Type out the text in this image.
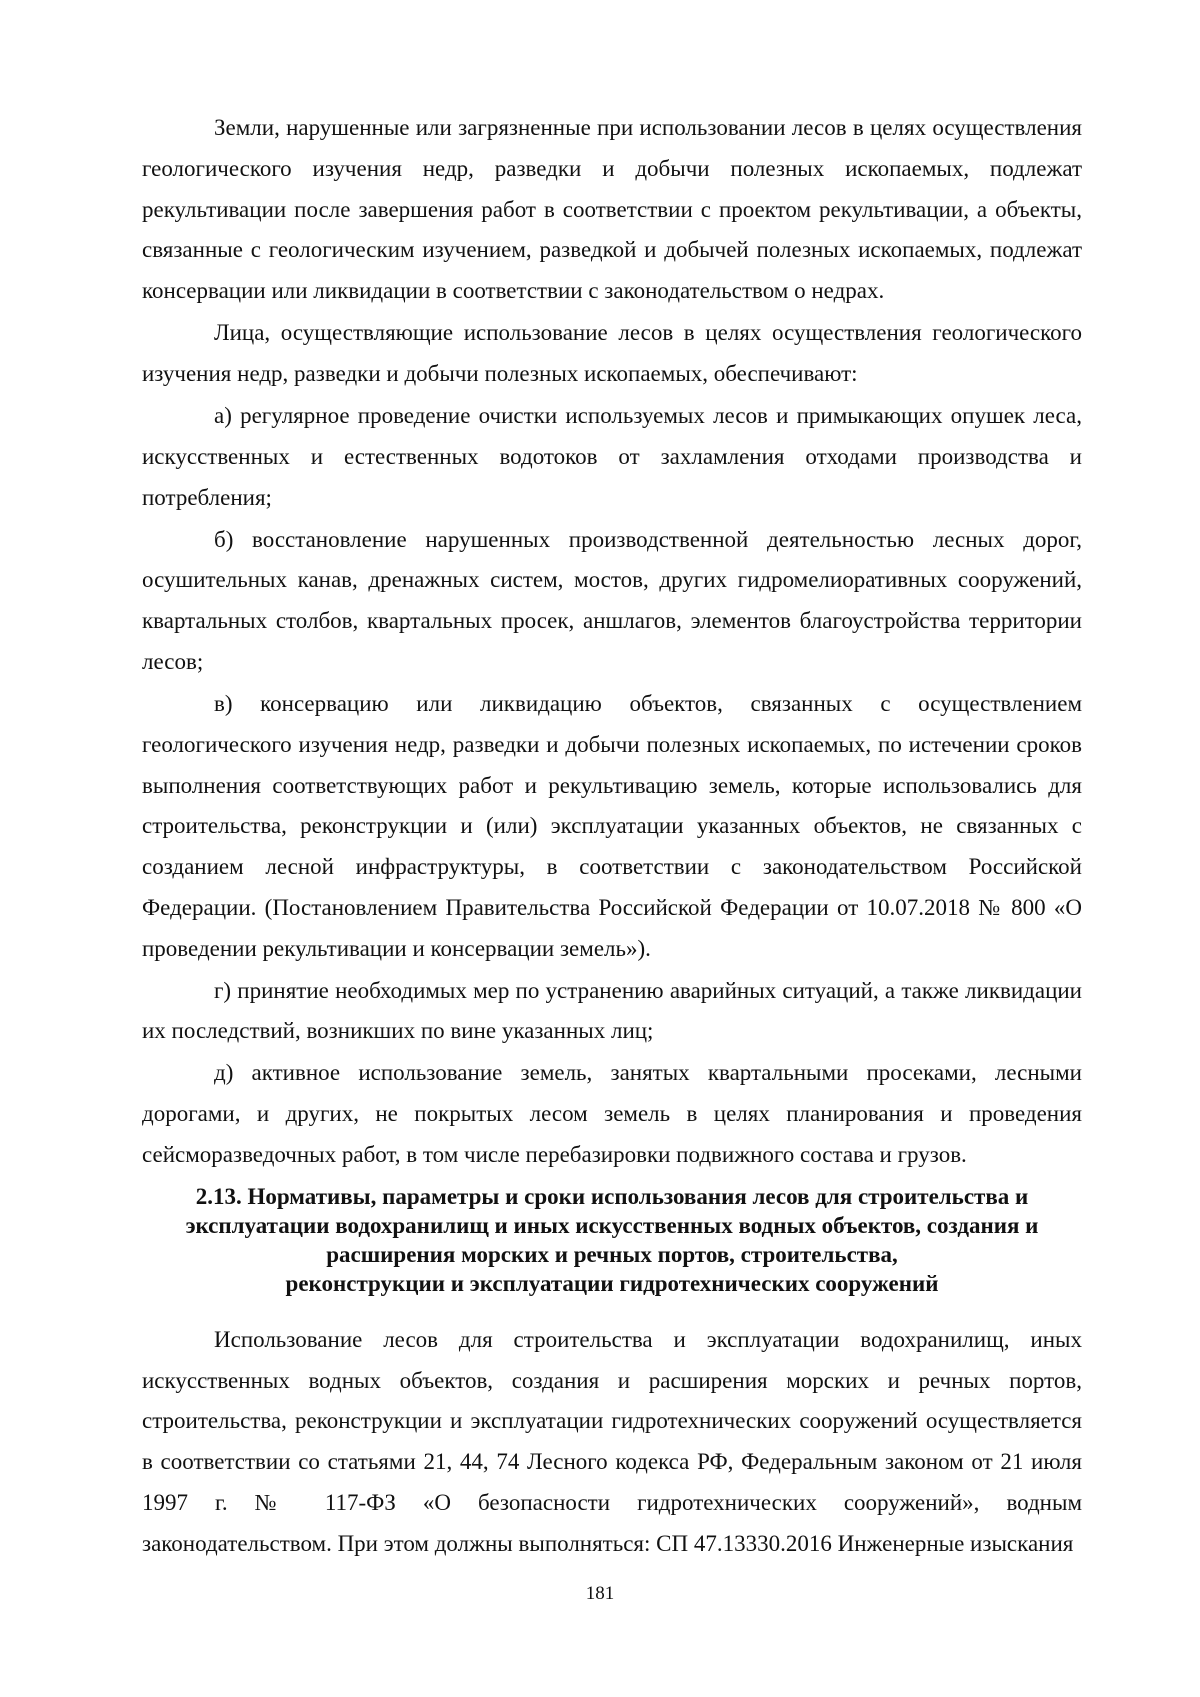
Земли, нарушенные или загрязненные при использовании лесов в целях осуществления геологического изучения недр, разведки и добычи полезных ископаемых, подлежат рекультивации после завершения работ в соответствии с проектом рекультивации, а объекты, связанные с геологическим изучением, разведкой и добычей полезных ископаемых, подлежат консервации или ликвидации в соответствии с законодательством о недрах.

Лица, осуществляющие использование лесов в целях осуществления геологического изучения недр, разведки и добычи полезных ископаемых, обеспечивают:

а) регулярное проведение очистки используемых лесов и примыкающих опушек леса, искусственных и естественных водотоков от захламления отходами производства и потребления;

б) восстановление нарушенных производственной деятельностью лесных дорог, осушительных канав, дренажных систем, мостов, других гидромелиоративных сооружений, квартальных столбов, квартальных просек, аншлагов, элементов благоустройства территории лесов;

в) консервацию или ликвидацию объектов, связанных с осуществлением геологического изучения недр, разведки и добычи полезных ископаемых, по истечении сроков выполнения соответствующих работ и рекультивацию земель, которые использовались для строительства, реконструкции и (или) эксплуатации указанных объектов, не связанных с созданием лесной инфраструктуры, в соответствии с законодательством Российской Федерации. (Постановлением Правительства Российской Федерации от 10.07.2018 № 800 «О проведении рекультивации и консервации земель»).

г) принятие необходимых мер по устранению аварийных ситуаций, а также ликвидации их последствий, возникших по вине указанных лиц;

д) активное использование земель, занятых квартальными просеками, лесными дорогами, и других, не покрытых лесом земель в целях планирования и проведения сейсморазведочных работ, в том числе перебазировки подвижного состава и грузов.

2.13. Нормативы, параметры и сроки использования лесов для строительства и
эксплуатации водохранилищ и иных искусственных водных объектов, создания и
расширения морских и речных портов, строительства,
реконструкции и эксплуатации гидротехнических сооружений

Использование лесов для строительства и эксплуатации водохранилищ, иных искусственных водных объектов, создания и расширения морских и речных портов, строительства, реконструкции и эксплуатации гидротехнических сооружений осуществляется в соответствии со статьями 21, 44, 74 Лесного кодекса РФ, Федеральным законом от 21 июля 1997 г. № 117-ФЗ «О безопасности гидротехнических сооружений», водным законодательством. При этом должны выполняться: СП 47.13330.2016 Инженерные изыскания

181
